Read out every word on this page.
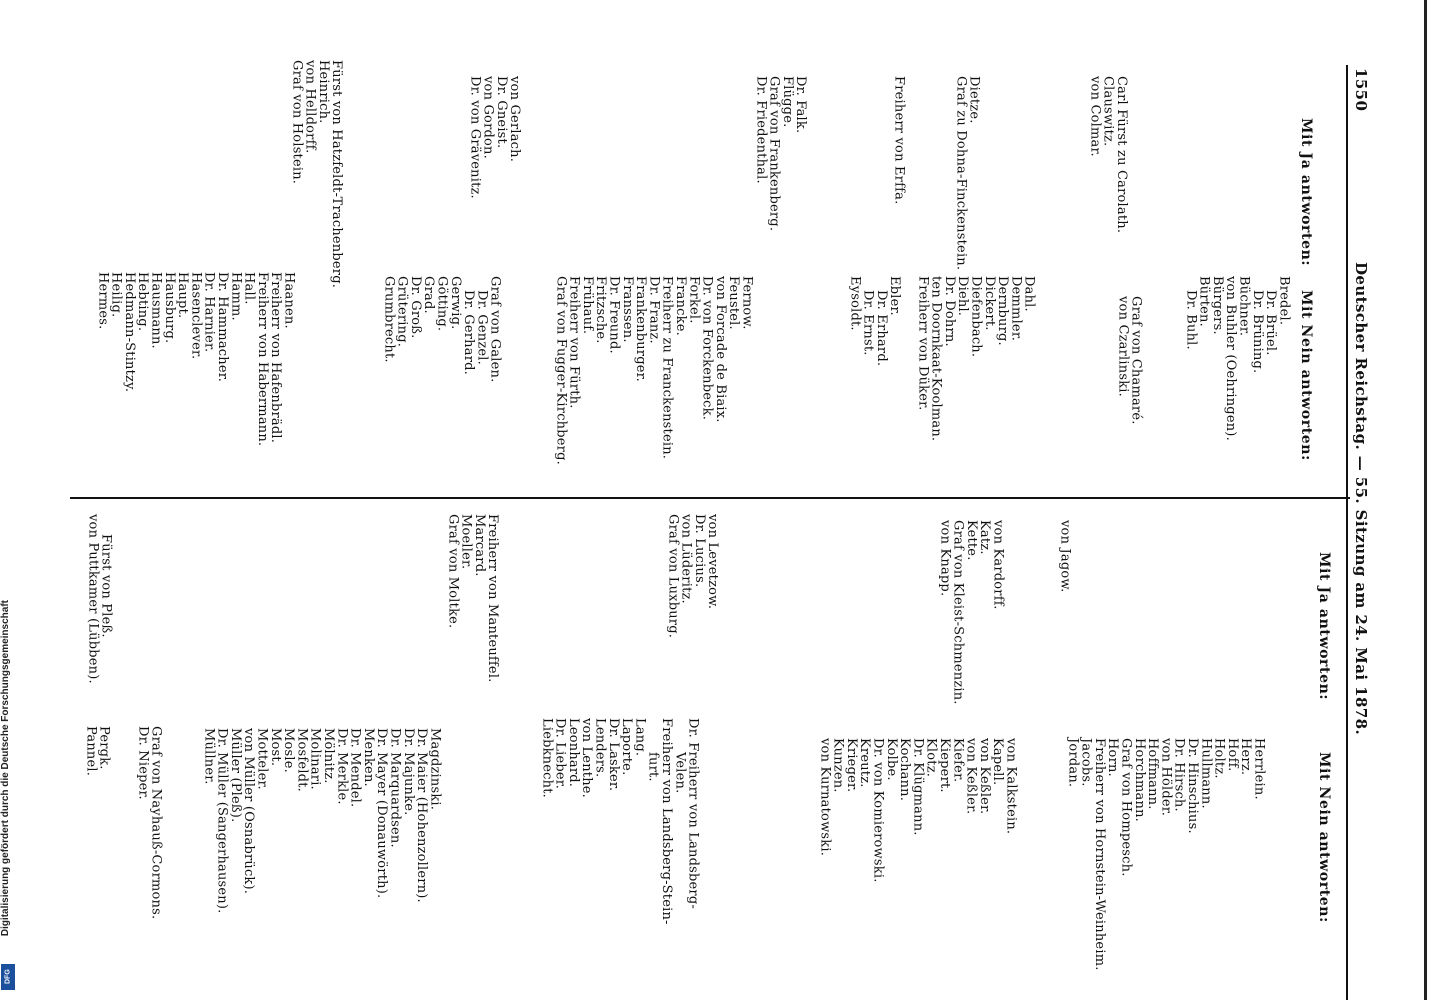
1550
Deutscher Reichstag. — 55. Sitzung am 24. Mai 1878.
Mit Ja antworten:
Mit Nein antworten:
Carl Fürst zu Carolath.
Clauswitz.
von Colmar.
Dietze.
Graf zu Dohna-Finckenstein.
Freiherr von Erffa.
Dr. Falk.
Flügge.
Graf von Frankenberg.
Dr. Friedenthal.
von Gerlach.
Dr. Gneist.
von Gordon.
Dr. von Grävenitz.
Fürst von Hatzfeldt-Trachenberg.
Heinrich.
von Helldorff.
Graf von Holstein.
Bredel.
Dr. Brüel.
Dr. Brüning.
Büchner.
von Buhler (Oehringen).
Bürgers.
Bürten.
Dr. Buhl.
Graf von Chamaré.
von Czarlinski.
Dahl.
Demmler.
Dernburg.
Dickert.
Diefenbach.
Diehl.
Dr. Dohrn.
ten Doornkaat-Koolman.
Freiherr von Düker.
Ebler.
Dr. Erhard.
Dr. Ernst.
Eysoldt.
Fernow.
Feustel.
von Forcade de Biaix.
Dr. von Forckenbeck.
Forkel.
Francke.
Freiherr zu Franckenstein.
Dr. Franz.
Frankenburger.
Franssen.
Dr. Freund.
Fritzsche.
Frühauf.
Freiherr von Fürth.
Graf von Fugger-Kirchberg.
Graf von Galen.
Dr. Genzel.
Dr. Gerhard.
Gerwig.
Götting.
Grad.
Dr. Groß.
Grütering.
Grumbrecht.
Haanen.
Freiherr von Hafenbrädl.
Freiherr von Habermann.
Hall.
Hamm.
Dr. Hammacher.
Dr. Harnier.
Hasenclever.
Haupt.
Hausburg.
Hausmann.
Hebting.
Hedmann-Stintzy.
Heilig.
Hermes.
Mit Ja antworten:
Mit Nein antworten:
von Jagow.
von Kardorff.
Katz.
Kette.
Graf von Kleist-Schmenzin.
von Knapp.
von Levetzow.
Dr. Lucius.
von Lüderitz.
Graf von Luxburg.
Freiherr von Manteuffel.
Marcard.
Moeller.
Graf von Moltke.
Fürst von Pleß.
von Puttkamer (Lübben).
Herrlein.
Herz.
Hoff.
Holtz.
Hullmann.
Dr. Hinschius.
Dr. Hirsch.
von Hölder.
Hoffmann.
Horchmann.
Graf von Hompesch.
Horn.
Freiherr von Hornstein-Weinheim.
Jacobs.
Jordan.
von Kalkstein.
Kapell.
von Keßler.
von Keßler.
Kiefer.
Kiepert.
Klotz.
Dr. Klügmann.
Kochann.
Kolbe.
Dr. von Komierowski.
Kreutz.
Krieger.
Kunzen.
von Kurnatowski.
Dr. Freiherr von Landsberg-
Velen.
Freiherr von Landsberg-Stein-
furt.
Lang.
Laporte.
Dr. Lasker.
Lenders.
von Lenthe.
Leonhard.
Dr. Lieber.
Liebknecht.
Magdzinski.
Dr. Maier (Hohenzollern).
Dr. Majunke.
Dr. Marquardsen.
Dr. Mayer (Donauwörth).
Menken.
Dr. Mendel.
Dr. Merkle.
Mölnitz.
Molinari.
Mosfeldt.
Mosle.
Most.
Motteler.
von Müller (Osnabrück).
Müller (Pleß).
Dr. Müller (Sangerhausen).
Müllner.
Graf von Nayhauß-Cormons.
Dr. Nieper.
Pergk.
Pannel.
Digitalisierung gefördert durch die Deutsche Forschungsgemeinschaft
DFG
